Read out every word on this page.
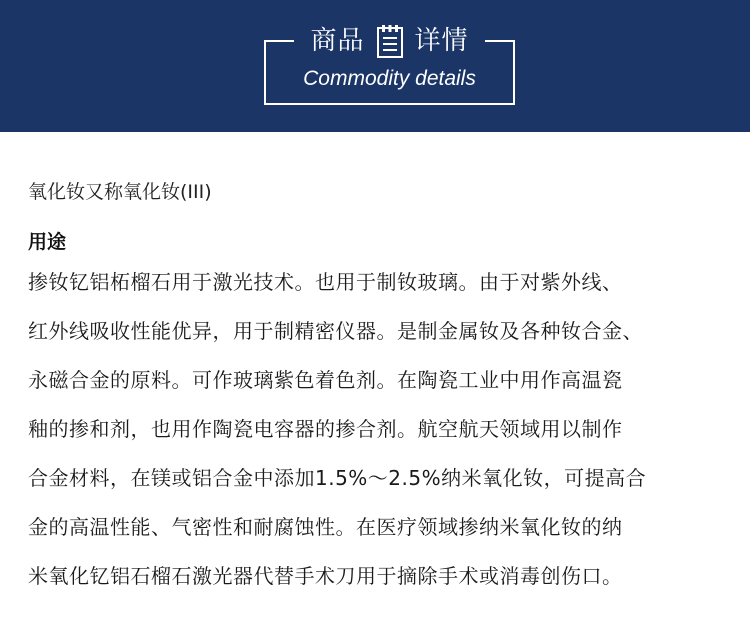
商品 详情
Commodity details
氧化钕又称氧化钕(III)
用途
掺钕钇铝柘榴石用于激光技术。也用于制钕玻璃。由于对紫外线、
红外线吸收性能优异，用于制精密仪器。是制金属钕及各种钕合金、
永磁合金的原料。可作玻璃紫色着色剂。在陶瓷工业中用作高温瓷
釉的掺和剂，也用作陶瓷电容器的掺合剂。航空航天领域用以制作
合金材料，在镁或铝合金中添加1.5%～2.5%纳米氧化钕，可提高合
金的高温性能、气密性和耐腐蚀性。在医疗领域掺纳米氧化钕的纳
米氧化钇铝石榴石激光器代替手术刀用于摘除手术或消毒创伤口。
